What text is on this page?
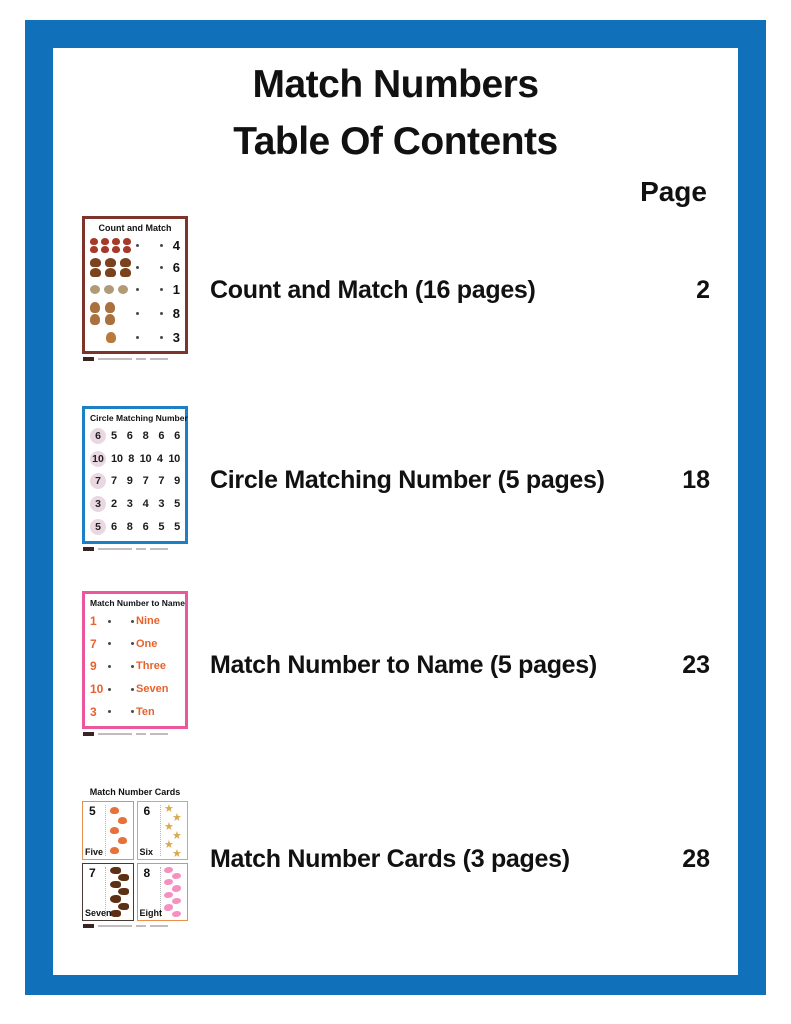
Match Numbers
Table Of Contents
Page
Count and Match
4
6
1
8
3
Count and Match (16 pages)	2
Circle Matching Number
6 5 6 8 6 6
10 10 8 10 4 10
7 7 9 7 7 9
3 2 3 4 3 5
5 6 8 6 5 5
Circle Matching Number (5 pages)	18
Match Number to Name
1	Nine
7	One
9	Three
10	Seven
3	Ten
Match Number to Name (5 pages)	23
Match Number Cards
5
Five
6
★
★
★
★
★
★
Six
7
Seven
8
Eight
Match Number Cards (3 pages)	28
